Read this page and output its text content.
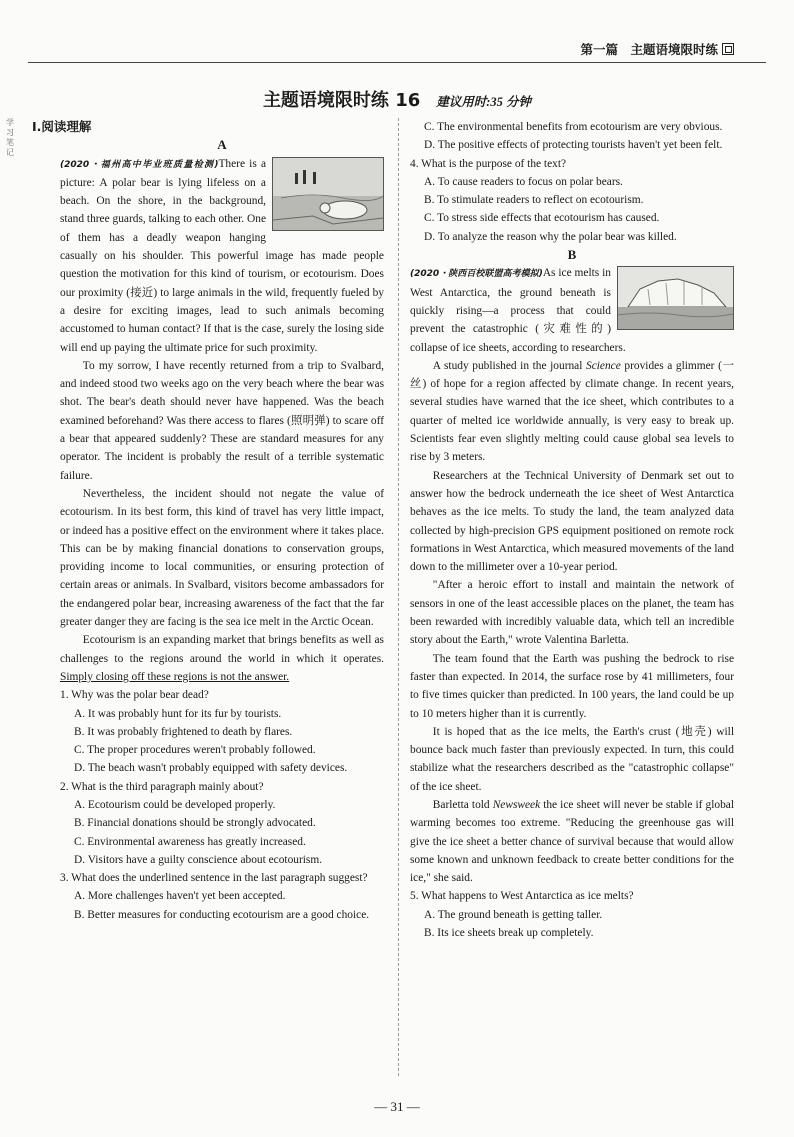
第一篇　主题语境限时练
主题语境限时练 16 建议用时:35 分钟
学习笔记

Ⅰ.阅读理解

A

(2020・福州高中毕业班质量检测)There is a picture: A polar bear is lying lifeless on a beach. On the shore, in the background, stand three guards, talking to each other. One of them has a deadly weapon hanging casually on his shoulder. This powerful image has made people question the motivation for this kind of tourism, or ecotourism. Does our proximity (接近) to large animals in the wild, frequently fueled by a desire for exciting images, lead to such animals becoming accustomed to human contact? If that is the case, surely the losing side will end up paying the ultimate price for such proximity.

To my sorrow, I have recently returned from a trip to Svalbard, and indeed stood two weeks ago on the very beach where the bear was shot. The bear's death should never have happened. Was the beach examined beforehand? Was there access to flares (照明弹) to scare off a bear that appeared suddenly? These are standard measures for any operator. The incident is probably the result of a terrible systematic failure.

Nevertheless, the incident should not negate the value of ecotourism. In its best form, this kind of travel has very little impact, or indeed has a positive effect on the environment where it takes place. This can be by making financial donations to conservation groups, providing income to local communities, or ensuring protection of certain areas or animals. In Svalbard, visitors become ambassadors for the endangered polar bear, increasing awareness of the fact that the far greater danger they are facing is the sea ice melt in the Arctic Ocean.

Ecotourism is an expanding market that brings benefits as well as challenges to the regions around the world in which it operates. Simply closing off these regions is not the answer.

1. Why was the polar bear dead?

A. It was probably hunt for its fur by tourists.

B. It was probably frightened to death by flares.

C. The proper procedures weren't probably followed.

D. The beach wasn't probably equipped with safety devices.

2. What is the third paragraph mainly about?

A. Ecotourism could be developed properly.

B. Financial donations should be strongly advocated.

C. Environmental awareness has greatly increased.

D. Visitors have a guilty conscience about ecotourism.

3. What does the underlined sentence in the last paragraph suggest?

A. More challenges haven't yet been accepted.

B. Better measures for conducting ecotourism are a good choice.

C. The environmental benefits from ecotourism are very obvious.

D. The positive effects of protecting tourists haven't yet been felt.

4. What is the purpose of the text?

A. To cause readers to focus on polar bears.

B. To stimulate readers to reflect on ecotourism.

C. To stress side effects that ecotourism has caused.

D. To analyze the reason why the polar bear was killed.

B

(2020・陕西百校联盟高考模拟)As ice melts in West Antarctica, the ground beneath is quickly rising—a process that could prevent the catastrophic (灾难性的) collapse of ice sheets, according to researchers.

A study published in the journal Science provides a glimmer (一丝) of hope for a region affected by climate change. In recent years, several studies have warned that the ice sheet, which contributes to a quarter of melted ice worldwide annually, is very easy to break up. Scientists fear even slightly melting could cause global sea levels to rise by 3 meters.

Researchers at the Technical University of Denmark set out to answer how the bedrock underneath the ice sheet of West Antarctica behaves as the ice melts. To study the land, the team analyzed data collected by high-precision GPS equipment positioned on remote rock formations in West Antarctica, which measured movements of the land down to the millimeter over a 10-year period.

"After a heroic effort to install and maintain the network of sensors in one of the least accessible places on the planet, the team has been rewarded with incredibly valuable data, which tell an incredible story about the Earth," wrote Valentina Barletta.

The team found that the Earth was pushing the bedrock to rise faster than expected. In 2014, the surface rose by 41 millimeters, four to five times quicker than predicted. In 100 years, the land could be up to 10 meters higher than it is currently.

It is hoped that as the ice melts, the Earth's crust (地壳) will bounce back much faster than previously expected. In turn, this could stabilize what the researchers described as the "catastrophic collapse" of the ice sheet.

Barletta told Newsweek the ice sheet will never be stable if global warming becomes too extreme. "Reducing the greenhouse gas will give the ice sheet a better chance of survival because that would allow some known and unknown feedback to create better conditions for the ice," she said.

5. What happens to West Antarctica as ice melts?

A. The ground beneath is getting taller.

B. Its ice sheets break up completely.

— 31 —
